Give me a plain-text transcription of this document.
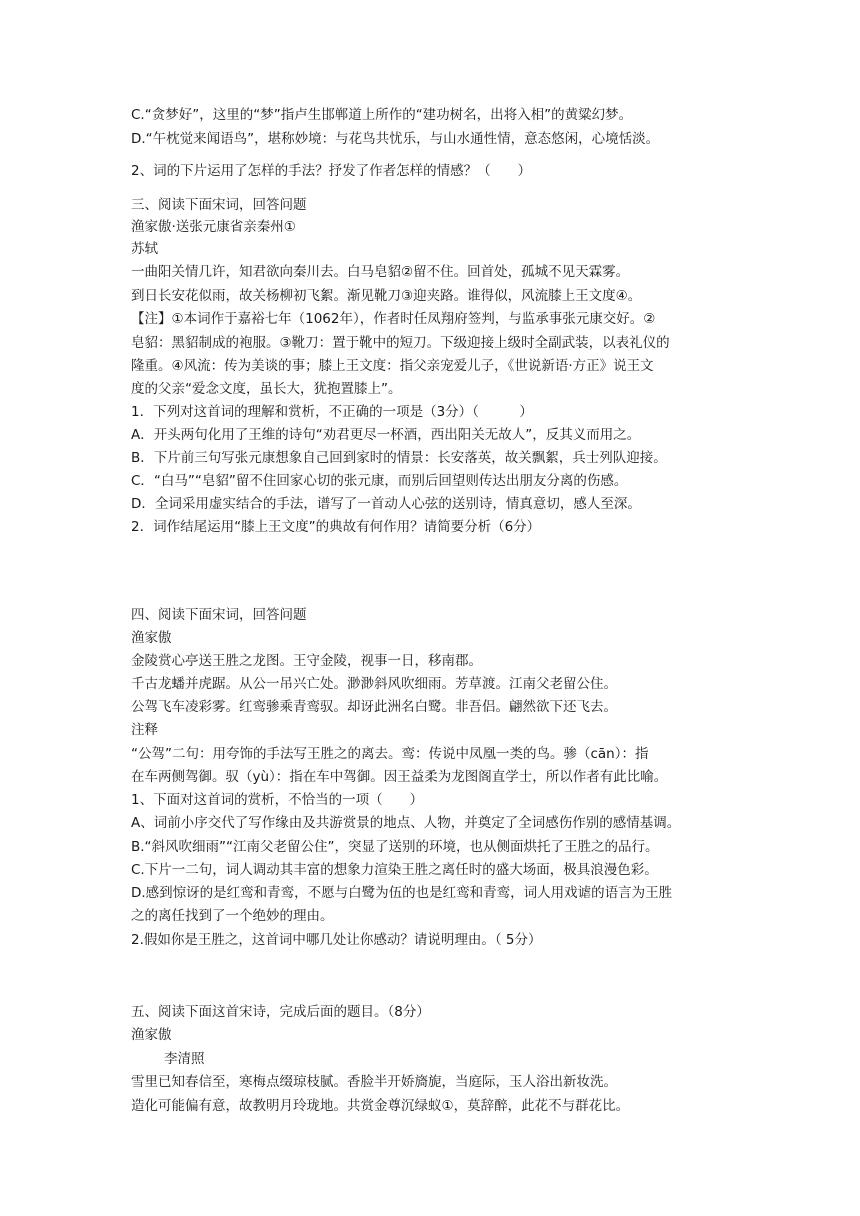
C.“贪梦好”，这里的“梦”指卢生邯郸道上所作的“建功树名，出将入相”的黄粱幻梦。

D.“午枕觉来闻语鸟”，堪称妙境：与花鸟共忧乐，与山水通性情，意态悠闲，心境恬淡。

2、词的下片运用了怎样的手法？抒发了作者怎样的情感？（　　）

三、阅读下面宋词，回答问题

渔家傲·送张元康省亲秦州①

苏轼

一曲阳关情几许，知君欲向秦川去。白马皂貂②留不住。回首处，孤城不见天霖雾。

到日长安花似雨，故关杨柳初飞絮。渐见靴刀③迎夹路。谁得似，风流膝上王文度④。

【注】①本词作于嘉裕七年（1062年），作者时任凤翔府签判，与监承事张元康交好。②

皂貂：黑貂制成的袍服。③靴刀：置于靴中的短刀。下级迎接上级时全副武装，以表礼仪的

隆重。④风流：传为美谈的事；膝上王文度：指父亲宠爱儿子，《世说新语·方正》说王文

度的父亲“爱念文度，虽长大，犹抱置膝上”。

1．下列对这首词的理解和赏析，不正确的一项是（3分）（　　　）

A．开头两句化用了王维的诗句“劝君更尽一杯酒，西出阳关无故人”，反其义而用之。

B．下片前三句写张元康想象自己回到家时的情景：长安落英，故关飘絮，兵士列队迎接。

C．“白马”“皂貂”留不住回家心切的张元康，而别后回望则传达出朋友分离的伤感。

D．全词采用虚实结合的手法，谱写了一首动人心弦的送别诗，情真意切，感人至深。

2．词作结尾运用“膝上王文度”的典故有何作用？请简要分析（6分）

四、阅读下面宋词，回答问题

渔家傲

金陵赏心亭送王胜之龙图。王守金陵，视事一日，移南郡。

千古龙蟠并虎踞。从公一吊兴亡处。渺渺斜风吹细雨。芳草渡。江南父老留公住。

公驾飞车凌彩雾。红鸾骖乘青鸾驭。却讶此洲名白鹭。非吾侣。翩然欲下还飞去。

注释

“公驾”二句：用夸饰的手法写王胜之的离去。鸾：传说中凤凰一类的鸟。骖（cān）：指

在车两侧驾御。驭（yù）：指在车中驾御。因王益柔为龙图阁直学士，所以作者有此比喻。

1、下面对这首词的赏析，不恰当的一项（　　）

A、词前小序交代了写作缘由及共游赏景的地点、人物，并奠定了全词感伤作别的感情基调。

B.“斜风吹细雨”“江南父老留公住”，突显了送别的环境，也从侧面烘托了王胜之的品行。

C.下片一二句，词人调动其丰富的想象力渲染王胜之离任时的盛大场面，极具浪漫色彩。

D.感到惊讶的是红鸾和青鸾，不愿与白鹭为伍的也是红鸾和青鸾，词人用戏谑的语言为王胜

之的离任找到了一个绝妙的理由。

2.假如你是王胜之，这首词中哪几处让你感动？请说明理由。（ 5分）

五、阅读下面这首宋诗，完成后面的题目。（8分）

渔家傲

李清照

雪里已知春信至，寒梅点缀琼枝腻。香脸半开娇旖旎，当庭际，玉人浴出新妆洗。

造化可能偏有意，故教明月玲珑地。共赏金尊沉绿蚁①，莫辞醉，此花不与群花比。
